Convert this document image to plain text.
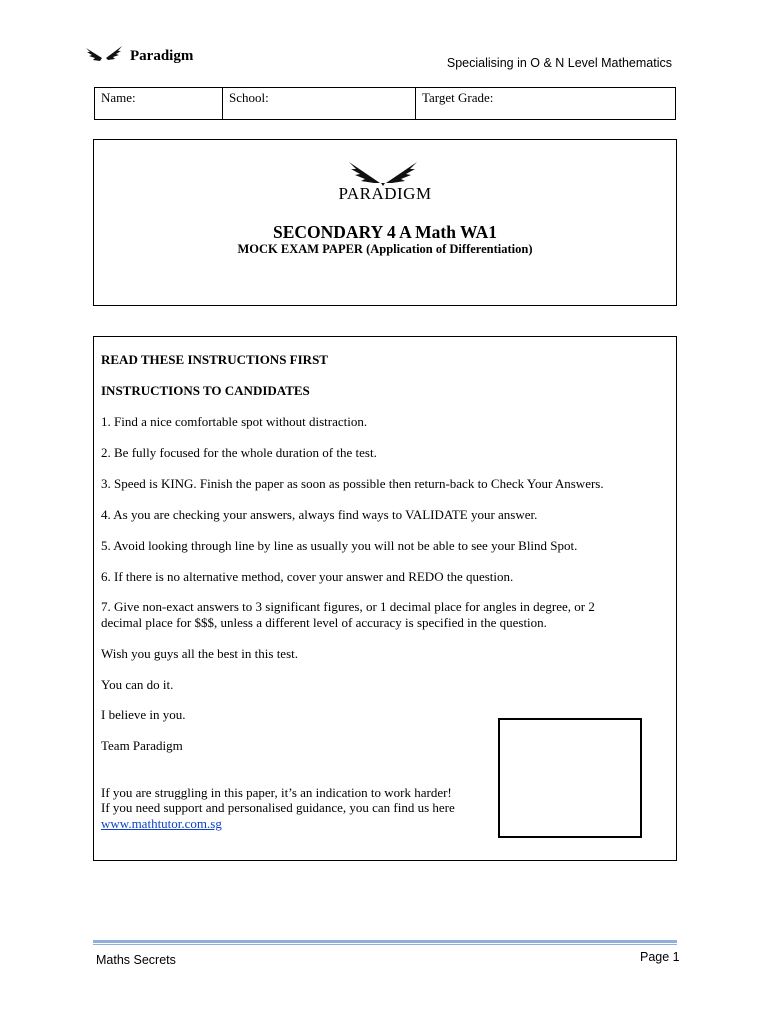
Paradigm	Specialising in O & N Level Mathematics
Name:	School:	Target Grade:
PARADIGM
SECONDARY 4 A Math WA1
MOCK EXAM PAPER (Application of Differentiation)
READ THESE INSTRUCTIONS FIRST
INSTRUCTIONS TO CANDIDATES
1. Find a nice comfortable spot without distraction.
2. Be fully focused for the whole duration of the test.
3. Speed is KING. Finish the paper as soon as possible then return-back to Check Your Answers.
4. As you are checking your answers, always find ways to VALIDATE your answer.
5. Avoid looking through line by line as usually you will not be able to see your Blind Spot.
6. If there is no alternative method, cover your answer and REDO the question.
7. Give non-exact answers to 3 significant figures, or 1 decimal place for angles in degree, or 2
decimal place for $$$, unless a different level of accuracy is specified in the question.
Wish you guys all the best in this test.
You can do it.
I believe in you.
Team Paradigm
If you are struggling in this paper, it’s an indication to work harder!
If you need support and personalised guidance, you can find us here
www.mathtutor.com.sg
Maths Secrets	Page 1
